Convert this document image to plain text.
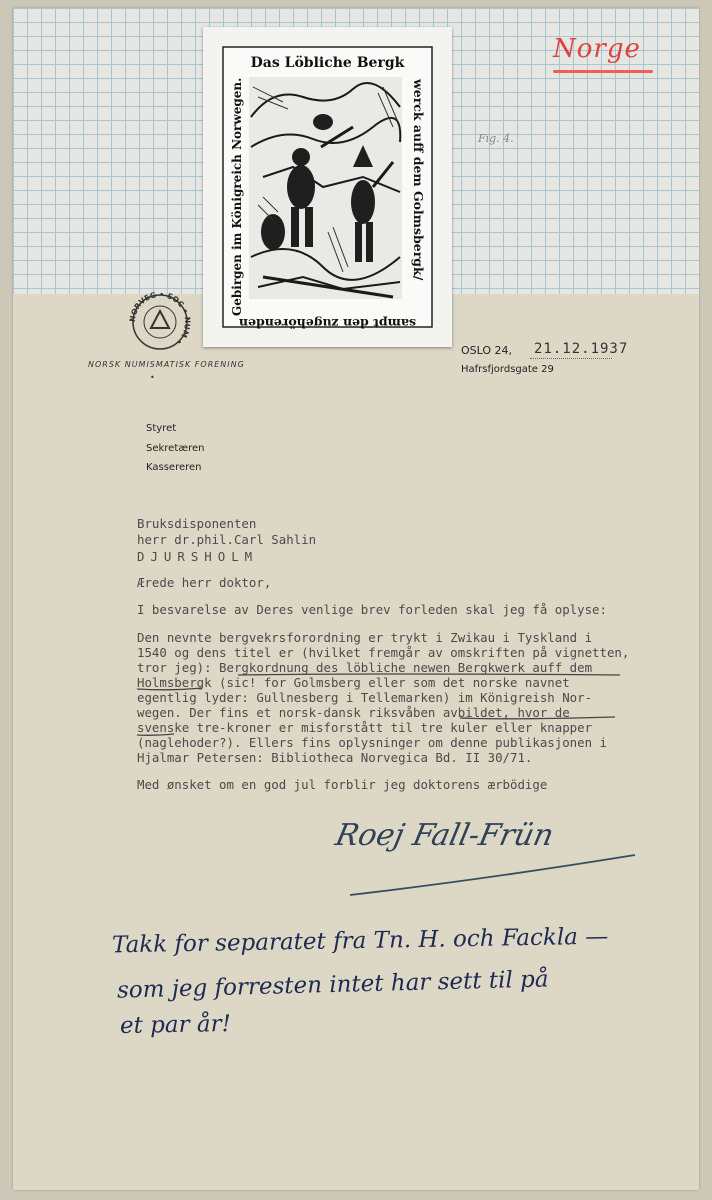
Norge
Fig. 4.
Das Löbliche Bergk
werck auff dem Golmsbergk/
sampt den zugehörenden
Gebirgen im Königreich Norwegen.
NORVEG • SOC • NUM •
NORSK NUMISMATISK FORENING
•
OSLO 24, 21.12.1937
Hafrsfjordsgate 29
Styret
Sekretæren
Kassereren
Bruksdisponenten
herr dr.phil.Carl Sahlin
DJURSHOLM
Ærede herr doktor,
I besvarelse av Deres venlige brev forleden skal jeg få oplyse:
Den nevnte bergvekrsforordning er trykt i Zwikau i Tyskland i
1540 og dens titel er (hvilket fremgår av omskriften på vignetten,
tror jeg): Bergkordnung des löbliche newen Bergkwerk auff dem
Holmsbergk (sic! for Golmsberg eller som det norske navnet
egentlig lyder: Gullnesberg i Tellemarken) im Königreish Nor-
wegen. Der fins et norsk-dansk riksvåben avbildet, hvor de
svenske tre-kroner er misforstått til tre kuler eller knapper
(naglehoder?). Ellers fins oplysninger om denne publikasjonen i
Hjalmar Petersen: Bibliotheca Norvegica Bd. II 30/71.
Med ønsket om en god jul forblir jeg doktorens ærbödige
Roej Fall-Frün
Takk for separatet fra Tn. H. och Fackla —
som jeg forresten intet har sett til på
et par år!
